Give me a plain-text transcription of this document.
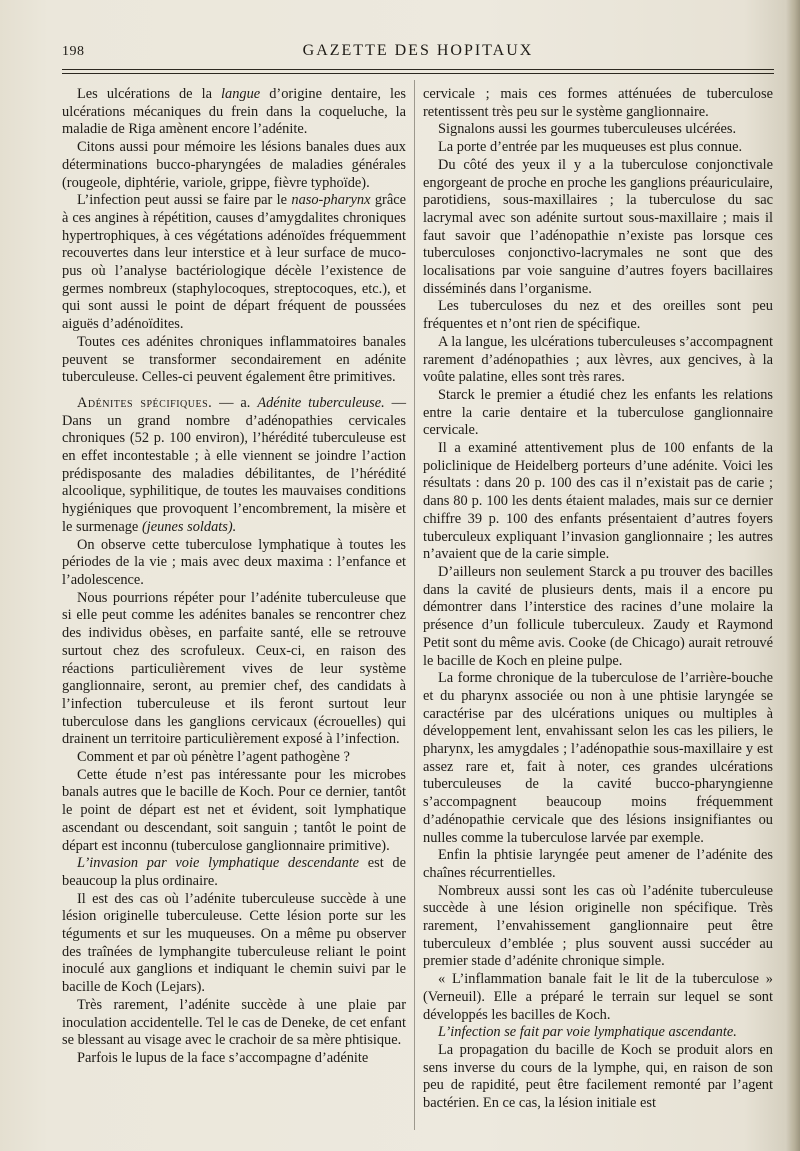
198	GAZETTE DES HOPITAUX

Les ulcérations de la langue d’origine dentaire, les ulcérations mécaniques du frein dans la coqueluche, la maladie de Riga amènent encore l’adénite.

Citons aussi pour mémoire les lésions banales dues aux déterminations bucco-pharyngées de maladies générales (rougeole, diphtérie, variole, grippe, fièvre typhoïde).

L’infection peut aussi se faire par le naso-pharynx grâce à ces angines à répétition, causes d’amygdalites chroniques hypertrophiques, à ces végétations adénoïdes fréquemment recouvertes dans leur interstice et à leur surface de muco-pus où l’analyse bactériologique décèle l’existence de germes nombreux (staphylocoques, streptocoques, etc.), et qui sont aussi le point de départ fréquent de poussées aiguës d’adénoïdites.

Toutes ces adénites chroniques inflammatoires banales peuvent se transformer secondairement en adénite tuberculeuse. Celles-ci peuvent également être primitives.

Adénites spécifiques. — a. Adénite tuberculeuse. — Dans un grand nombre d’adénopathies cervicales chroniques (52 p. 100 environ), l’hérédité tuberculeuse est en effet incontestable ; à elle viennent se joindre l’action prédisposante des maladies débilitantes, de l’hérédité alcoolique, syphilitique, de toutes les mauvaises conditions hygiéniques que provoquent l’encombrement, la misère et le surmenage (jeunes soldats).

On observe cette tuberculose lymphatique à toutes les périodes de la vie ; mais avec deux maxima : l’enfance et l’adolescence.

Nous pourrions répéter pour l’adénite tuberculeuse que si elle peut comme les adénites banales se rencontrer chez des individus obèses, en parfaite santé, elle se retrouve surtout chez des scrofuleux. Ceux-ci, en raison des réactions particulièrement vives de leur système ganglionnaire, seront, au premier chef, des candidats à l’infection tuberculeuse et ils feront surtout leur tuberculose dans les ganglions cervicaux (écrouelles) qui drainent un territoire particulièrement exposé à l’infection.

Comment et par où pénètre l’agent pathogène ?

Cette étude n’est pas intéressante pour les microbes banals autres que le bacille de Koch. Pour ce dernier, tantôt le point de départ est net et évident, soit lymphatique ascendant ou descendant, soit sanguin ; tantôt le point de départ est inconnu (tuberculose ganglionnaire primitive).

L’invasion par voie lymphatique descendante est de beaucoup la plus ordinaire.

Il est des cas où l’adénite tuberculeuse succède à une lésion originelle tuberculeuse. Cette lésion porte sur les téguments et sur les muqueuses. On a même pu observer des traînées de lymphangite tuberculeuse reliant le point inoculé aux ganglions et indiquant le chemin suivi par le bacille de Koch (Lejars).

Très rarement, l’adénite succède à une plaie par inoculation accidentelle. Tel le cas de Deneke, de cet enfant se blessant au visage avec le crachoir de sa mère phtisique.

Parfois le lupus de la face s’accompagne d’adénite

cervicale ; mais ces formes atténuées de tuberculose retentissent très peu sur le système ganglionnaire.

Signalons aussi les gourmes tuberculeuses ulcérées.

La porte d’entrée par les muqueuses est plus connue.

Du côté des yeux il y a la tuberculose conjonctivale engorgeant de proche en proche les ganglions préauriculaire, parotidiens, sous-maxillaires ; la tuberculose du sac lacrymal avec son adénite surtout sous-maxillaire ; mais il faut savoir que l’adénopathie n’existe pas lorsque ces tuberculoses conjonctivo-lacrymales ne sont que des localisations par voie sanguine d’autres foyers bacillaires disséminés dans l’organisme.

Les tuberculoses du nez et des oreilles sont peu fréquentes et n’ont rien de spécifique.

A la langue, les ulcérations tuberculeuses s’accompagnent rarement d’adénopathies ; aux lèvres, aux gencives, à la voûte palatine, elles sont très rares.

Starck le premier a étudié chez les enfants les relations entre la carie dentaire et la tuberculose ganglionnaire cervicale.

Il a examiné attentivement plus de 100 enfants de la policlinique de Heidelberg porteurs d’une adénite. Voici les résultats : dans 20 p. 100 des cas il n’existait pas de carie ; dans 80 p. 100 les dents étaient malades, mais sur ce dernier chiffre 39 p. 100 des enfants présentaient d’autres foyers tuberculeux expliquant l’invasion ganglionnaire ; les autres n’avaient que de la carie simple.

D’ailleurs non seulement Starck a pu trouver des bacilles dans la cavité de plusieurs dents, mais il a encore pu démontrer dans l’interstice des racines d’une molaire la présence d’un follicule tuberculeux. Zaudy et Raymond Petit sont du même avis. Cooke (de Chicago) aurait retrouvé le bacille de Koch en pleine pulpe.

La forme chronique de la tuberculose de l’arrière-bouche et du pharynx associée ou non à une phtisie laryngée se caractérise par des ulcérations uniques ou multiples à développement lent, envahissant selon les cas les piliers, le pharynx, les amygdales ; l’adénopathie sous-maxillaire y est assez rare et, fait à noter, ces grandes ulcérations tuberculeuses de la cavité bucco-pharyngienne s’accompagnent beaucoup moins fréquemment d’adénopathie cervicale que des lésions insignifiantes ou nulles comme la tuberculose larvée par exemple.

Enfin la phtisie laryngée peut amener de l’adénite des chaînes récurrentielles.

Nombreux aussi sont les cas où l’adénite tuberculeuse succède à une lésion originelle non spécifique. Très rarement, l’envahissement ganglionnaire peut être tuberculeux d’emblée ; plus souvent aussi succéder au premier stade d’adénite chronique simple.

« L’inflammation banale fait le lit de la tuberculose » (Verneuil). Elle a préparé le terrain sur lequel se sont développés les bacilles de Koch.

L’infection se fait par voie lymphatique ascendante.

La propagation du bacille de Koch se produit alors en sens inverse du cours de la lymphe, qui, en raison de son peu de rapidité, peut être facilement remonté par l’agent bactérien. En ce cas, la lésion initiale est
